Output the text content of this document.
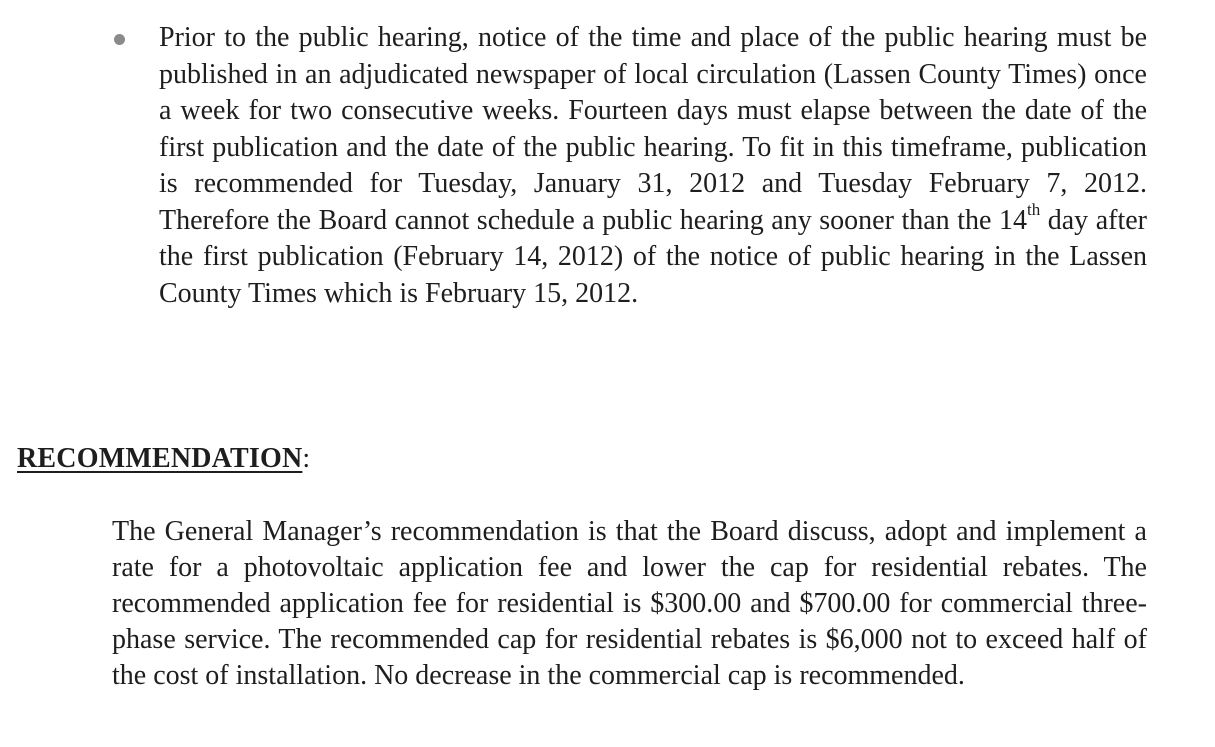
Prior to the public hearing, notice of the time and place of the public hearing must be published in an adjudicated newspaper of local circulation (Lassen County Times) once a week for two consecutive weeks. Fourteen days must elapse between the date of the first publication and the date of the public hearing. To fit in this timeframe, publication is recommended for Tuesday, January 31, 2012 and Tuesday February 7, 2012. Therefore the Board cannot schedule a public hearing any sooner than the 14th day after the first publication (February 14, 2012) of the notice of public hearing in the Lassen County Times which is February 15, 2012.

RECOMMENDATION:

The General Manager’s recommendation is that the Board discuss, adopt and implement a rate for a photovoltaic application fee and lower the cap for residential rebates. The recommended application fee for residential is $300.00 and $700.00 for commercial three-phase service. The recommended cap for residential rebates is $6,000 not to exceed half of the cost of installation. No decrease in the commercial cap is recommended.
